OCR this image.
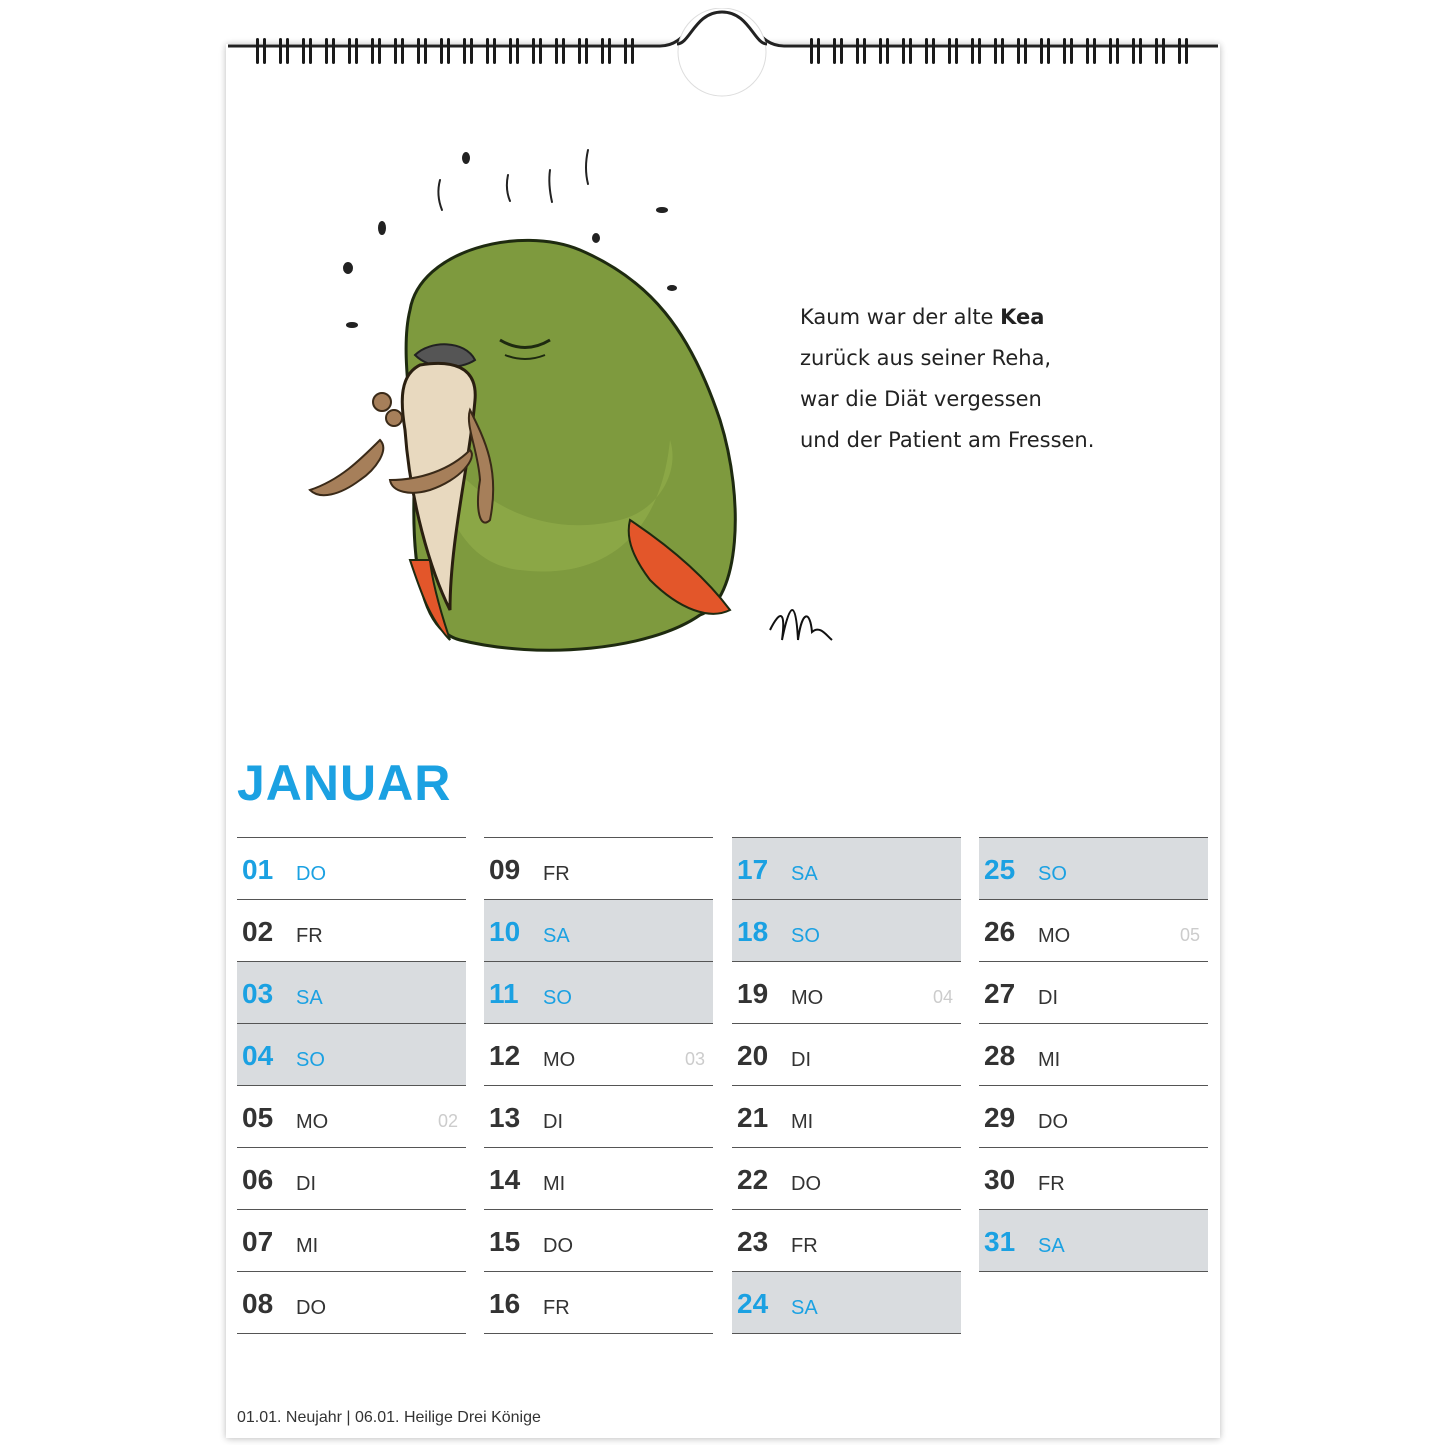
Kaum war der alte Kea
zurück aus seiner Reha,
war die Diät vergessen
und der Patient am Fressen.
JANUAR
01 DO
02 FR
03 SA
04 SO
05 MO	02
06 DI
07 MI
08 DO
09 FR
10 SA
11 SO
12 MO	03
13 DI
14 MI
15 DO
16 FR
17 SA
18 SO
19 MO	04
20 DI
21 MI
22 DO
23 FR
24 SA
25 SO
26 MO	05
27 DI
28 MI
29 DO
30 FR
31 SA
01.01. Neujahr | 06.01. Heilige Drei Könige
